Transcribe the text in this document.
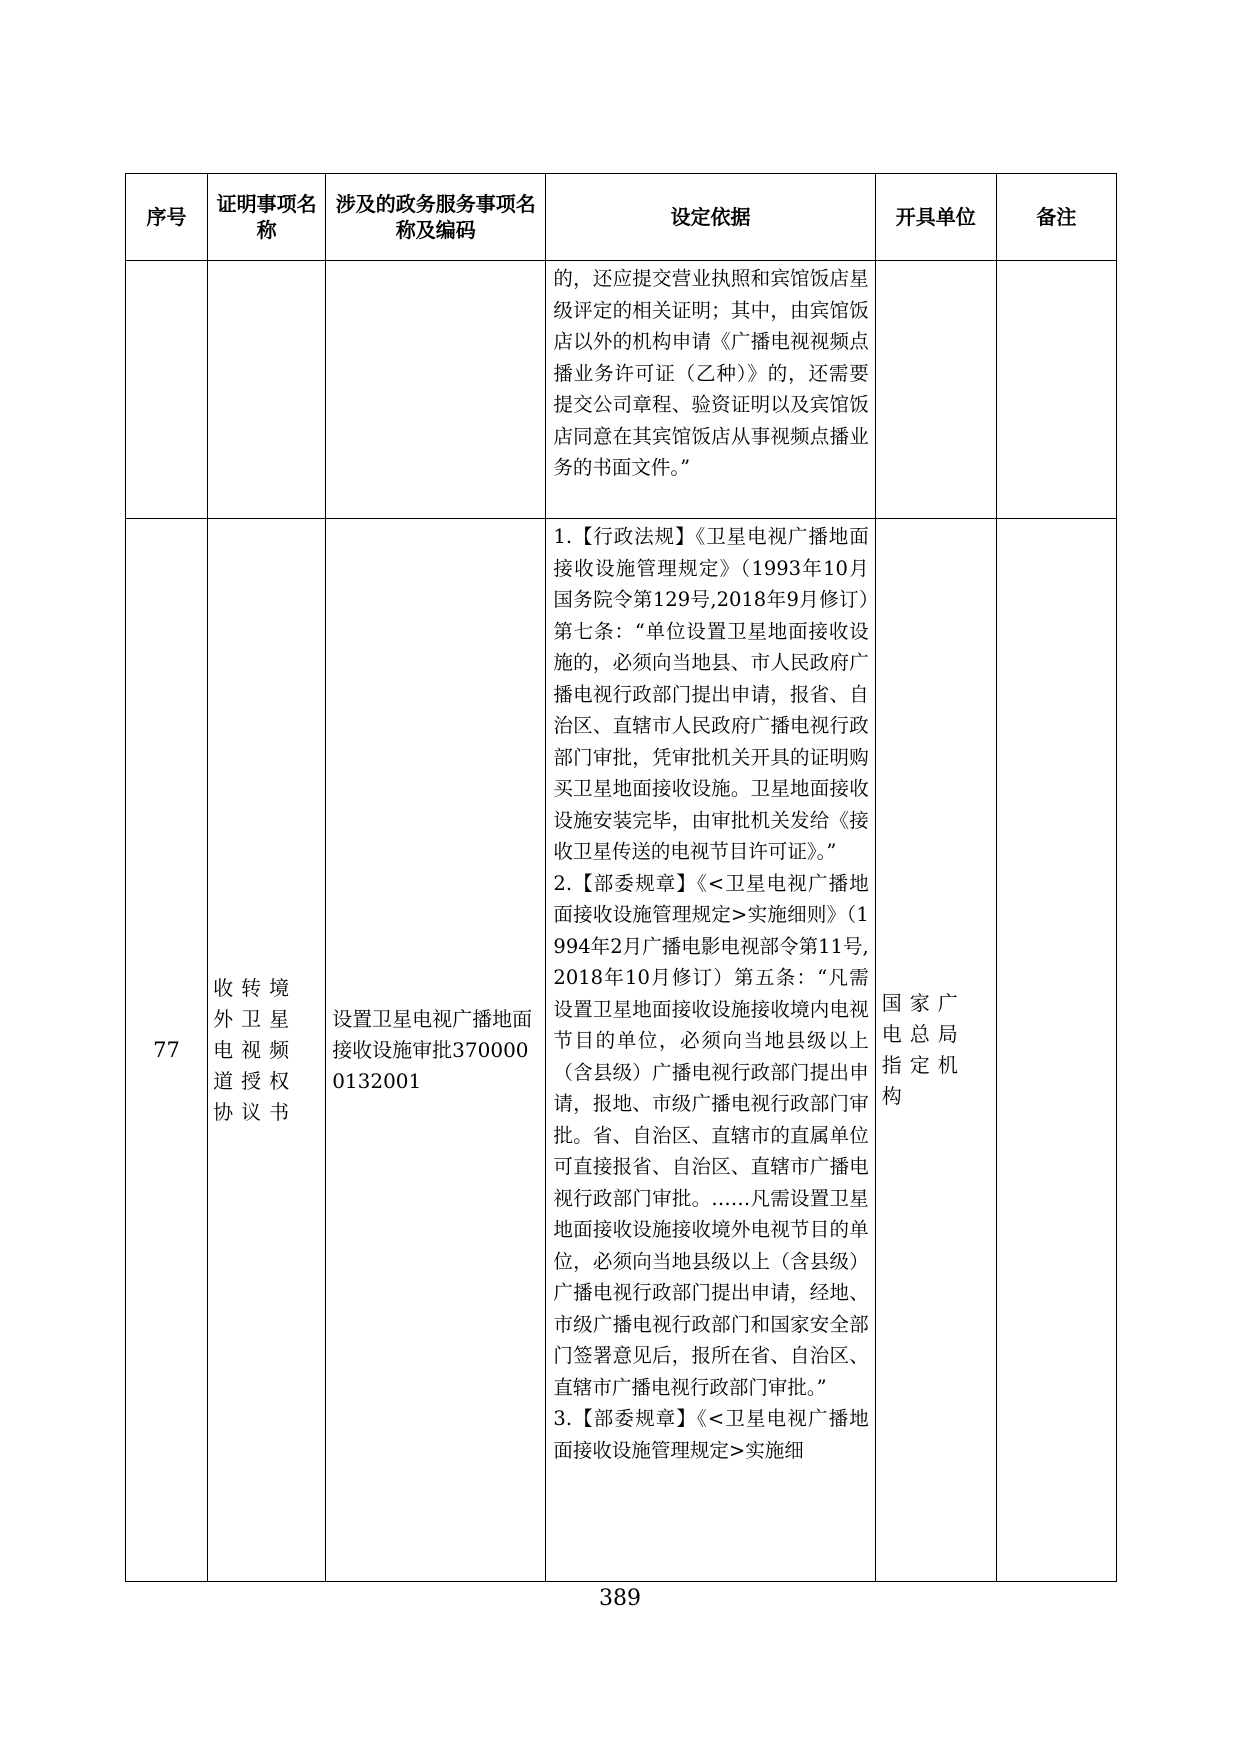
序号	证明事项名称	涉及的政务服务事项名称及编码	设定依据	开具单位	备注

			的，还应提交营业执照和宾馆饭店星级评定的相关证明；其中，由宾馆饭店以外的机构申请《广播电视视频点播业务许可证（乙种）》的，还需要提交公司章程、验资证明以及宾馆饭店同意在其宾馆饭店从事视频点播业务的书面文件。”		

77	收转境外卫星电视频道授权协议书	设置卫星电视广播地面接收设施审批3700000132001	1.【行政法规】《卫星电视广播地面接收设施管理规定》（1993年10月国务院令第129号,2018年9月修订）第七条：“单位设置卫星地面接收设施的，必须向当地县、市人民政府广播电视行政部门提出申请，报省、自治区、直辖市人民政府广播电视行政部门审批，凭审批机关开具的证明购买卫星地面接收设施。卫星地面接收设施安装完毕，由审批机关发给《接收卫星传送的电视节目许可证》。”

2.【部委规章】《<卫星电视广播地面接收设施管理规定>实施细则》（1994年2月广播电影电视部令第11号,2018年10月修订）第五条：“凡需设置卫星地面接收设施接收境内电视节目的单位，必须向当地县级以上（含县级）广播电视行政部门提出申请，报地、市级广播电视行政部门审批。省、自治区、直辖市的直属单位可直接报省、自治区、直辖市广播电视行政部门审批。……凡需设置卫星地面接收设施接收境外电视节目的单位，必须向当地县级以上（含县级）广播电视行政部门提出申请，经地、市级广播电视行政部门和国家安全部门签署意见后，报所在省、自治区、直辖市广播电视行政部门审批。”

3.【部委规章】《<卫星电视广播地面接收设施管理规定>实施细	国家广电总局指定机构	
389
